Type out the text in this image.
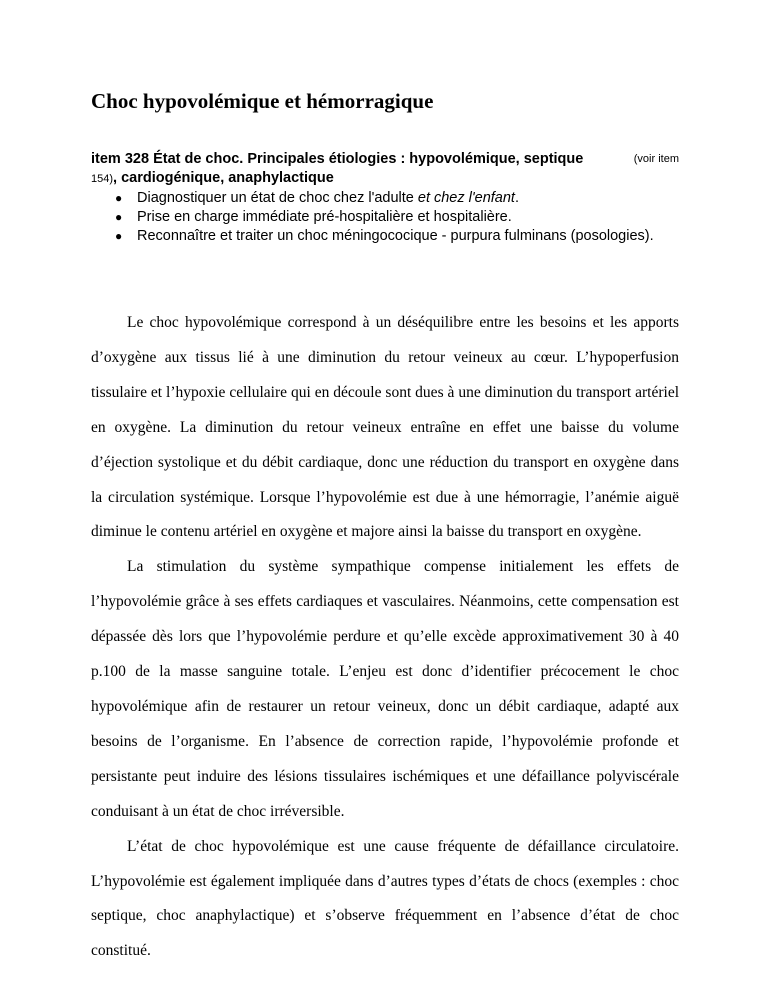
Choc hypovolémique et hémorragique
item 328 État de choc. Principales étiologies : hypovolémique, septique	(voir item
154), cardiogénique, anaphylactique
● Diagnostiquer un état de choc chez l'adulte et chez l'enfant.
● Prise en charge immédiate pré-hospitalière et hospitalière.
● Reconnaître et traiter un choc méningococique - purpura fulminans (posologies).

Le choc hypovolémique correspond à un déséquilibre entre les besoins et les apports d’oxygène aux tissus lié à une diminution du retour veineux au cœur. L’hypoperfusion tissulaire et l’hypoxie cellulaire qui en découle sont dues à une diminution du transport artériel en oxygène. La diminution du retour veineux entraîne en effet une baisse du volume d’éjection systolique et du débit cardiaque, donc une réduction du transport en oxygène dans la circulation systémique. Lorsque l’hypovolémie est due à une hémorragie, l’anémie aiguë diminue le contenu artériel en oxygène et majore ainsi la baisse du transport en oxygène.

La stimulation du système sympathique compense initialement les effets de l’hypovolémie grâce à ses effets cardiaques et vasculaires. Néanmoins, cette compensation est dépassée dès lors que l’hypovolémie perdure et qu’elle excède approximativement 30 à 40 p.100 de la masse sanguine totale. L’enjeu est donc d’identifier précocement le choc hypovolémique afin de restaurer un retour veineux, donc un débit cardiaque, adapté aux besoins de l’organisme. En l’absence de correction rapide, l’hypovolémie profonde et persistante peut induire des lésions tissulaires ischémiques et une défaillance polyviscérale conduisant à un état de choc irréversible.

L’état de choc hypovolémique est une cause fréquente de défaillance circulatoire. L’hypovolémie est également impliquée dans d’autres types d’états de chocs (exemples : choc septique, choc anaphylactique) et s’observe fréquemment en l’absence d’état de choc constitué.
